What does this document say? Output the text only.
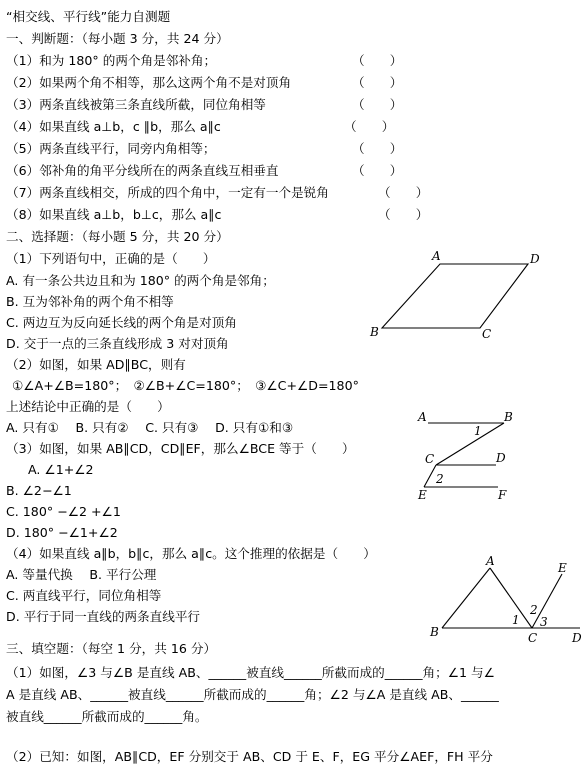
“相交线、平行线”能力自测题
一、判断题：（每小题 3 分，共 24 分）
（1）和为 180° 的两个角是邻补角；	（　　）
（2）如果两个角不相等，那么这两个角不是对顶角	（　　）
（3）两条直线被第三条直线所截，同位角相等	（　　）
（4）如果直线 a⊥b，c ∥b，那么 a∥c	（　　）
（5）两条直线平行，同旁内角相等；	（　　）
（6）邻补角的角平分线所在的两条直线互相垂直	（　　）
（7）两条直线相交，所成的四个角中，一定有一个是锐角	（　　）
（8）如果直线 a⊥b，b⊥c，那么 a∥c	（　　）
二、选择题：（每小题 5 分，共 20 分）
（1）下列语句中，正确的是（　　）
A. 有一条公共边且和为 180° 的两个角是邻角；
B. 互为邻补角的两个角不相等
C. 两边互为反向延长线的两个角是对顶角
D. 交于一点的三条直线形成 3 对对顶角
（2）如图，如果 AD∥BC，则有
①∠A+∠B=180°；　②∠B+∠C=180°；　③∠C+∠D=180°
上述结论中正确的是（　　）
A. 只有①　 B. 只有②　 C. 只有③　 D. 只有①和③
（3）如图，如果 AB∥CD，CD∥EF，那么∠BCE 等于（　　）
A. ∠1+∠2
B. ∠2−∠1
C. 180° −∠2 +∠1
D. 180° −∠1+∠2
（4）如果直线 a∥b，b∥c，那么 a∥c。这个推理的依据是（　　）
A. 等量代换　 B. 平行公理
C. 两直线平行，同位角相等
D. 平行于同一直线的两条直线平行
三、填空题：（每空 1 分，共 16 分）
（1）如图，∠3 与∠B 是直线 AB、______被直线______所截而成的______角；∠1 与∠
A 是直线 AB、______被直线______所截而成的______角；∠2 与∠A 是直线 AB、______
被直线______所截而成的______角。
（2）已知：如图，AB∥CD，EF 分别交于 AB、CD 于 E、F，EG 平分∠AEF，FH 平分
A	D
B	C
A	B
1
C	D
2
E	F
A	E
B
1
2
3
C	D
